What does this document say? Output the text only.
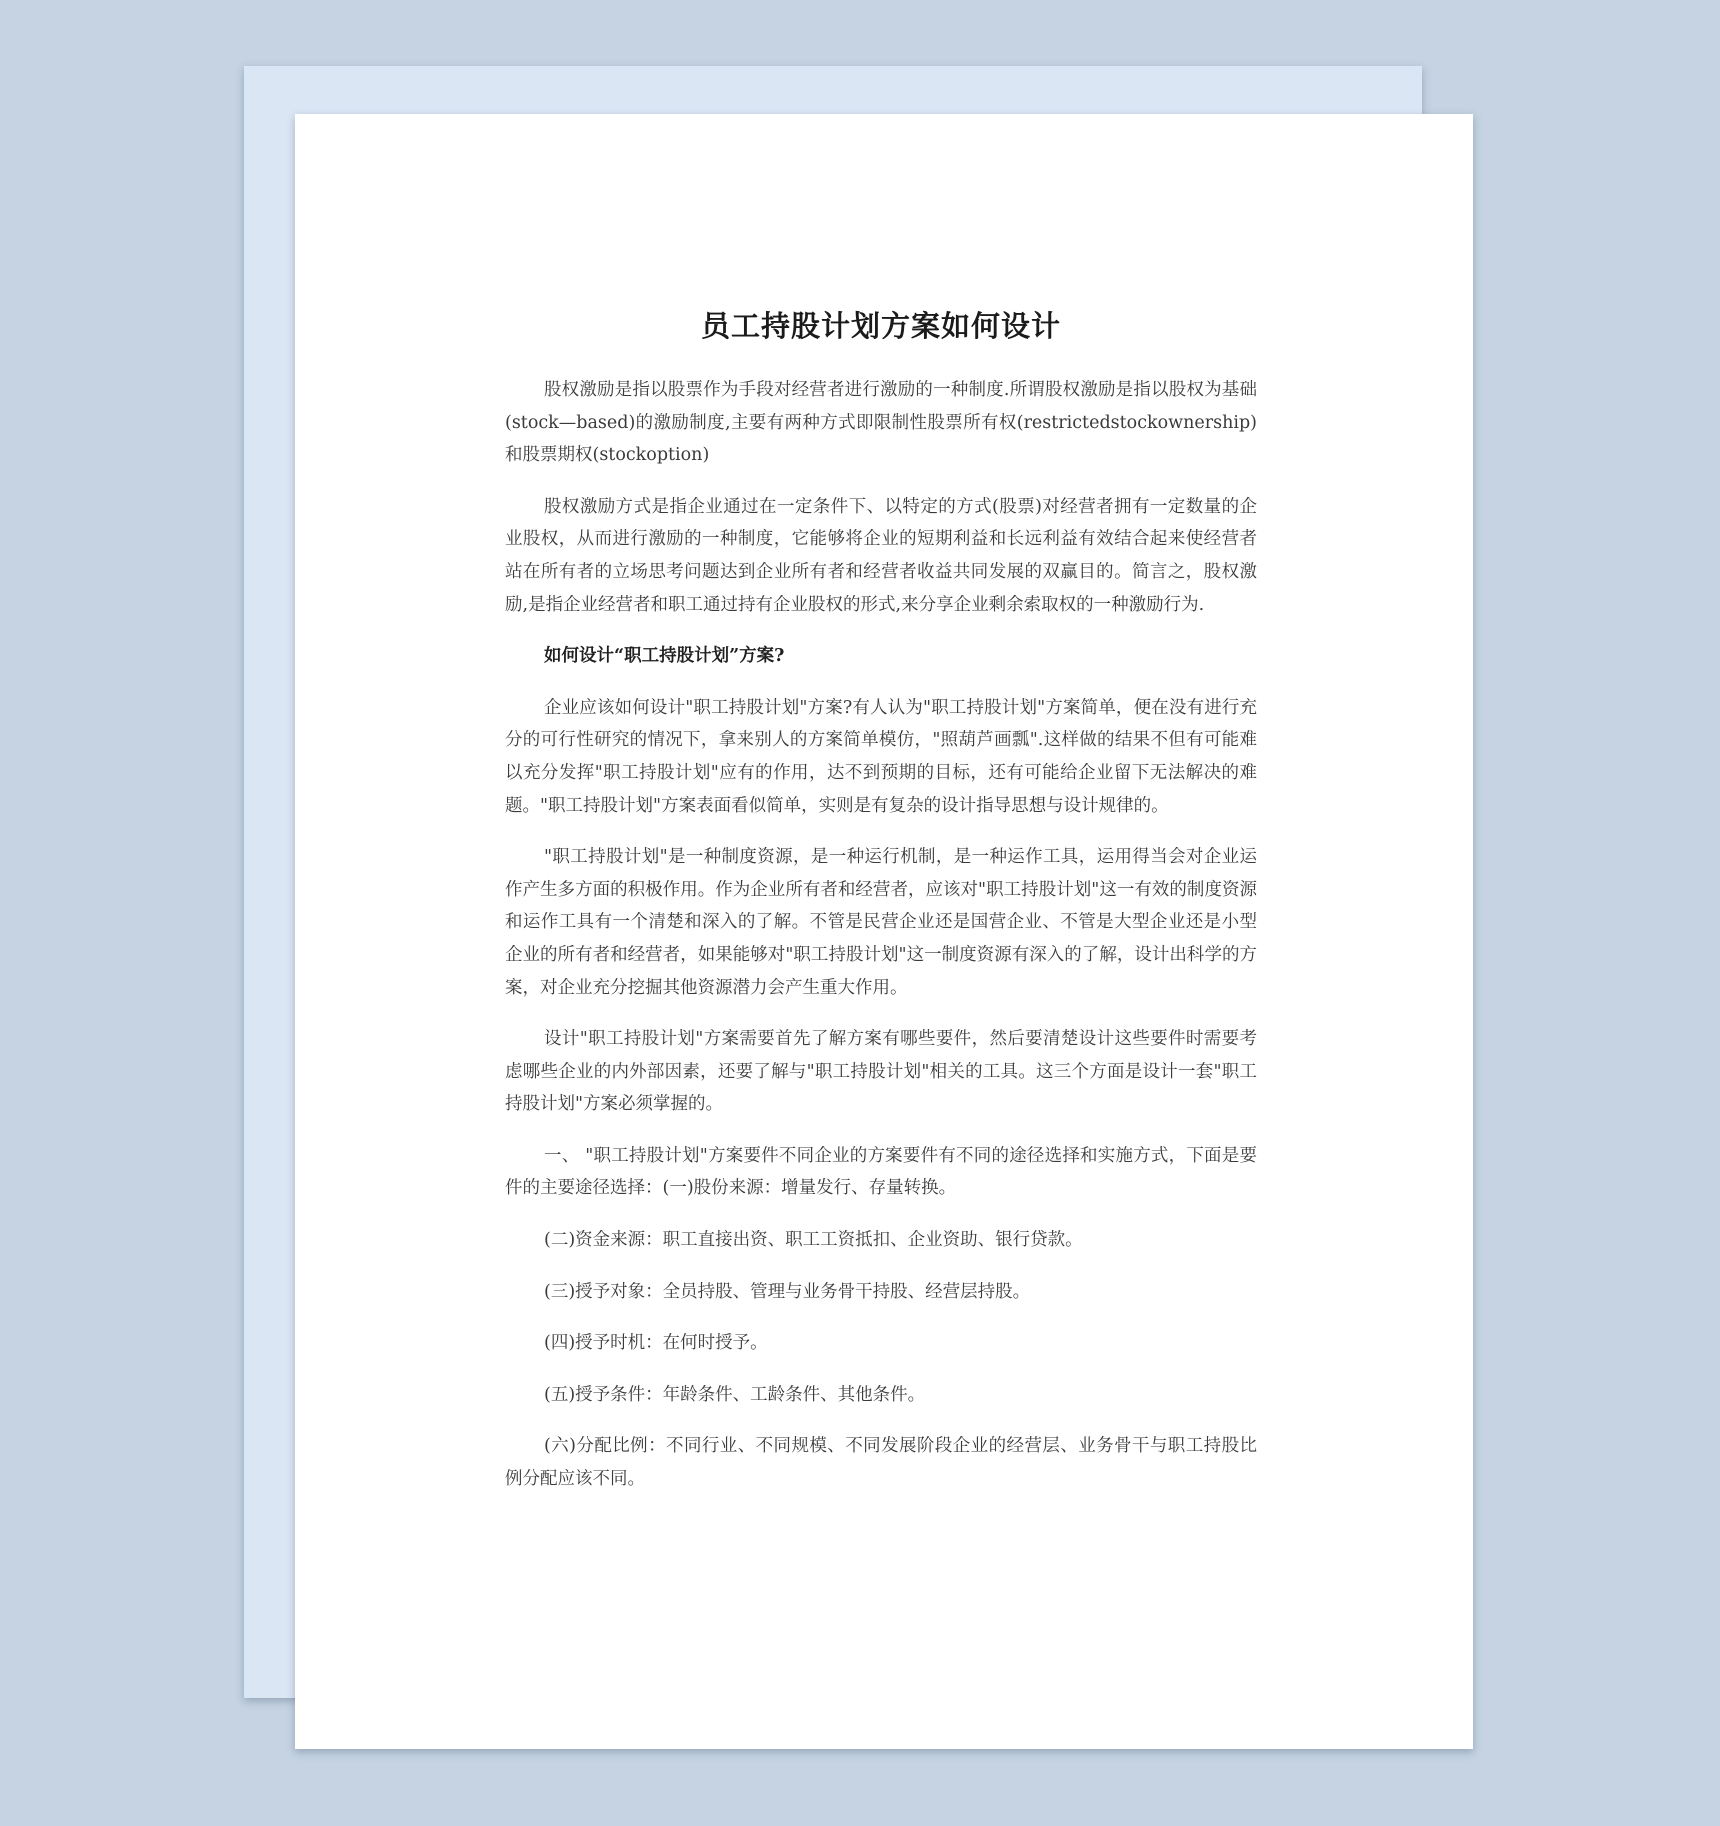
员工持股计划方案如何设计

股权激励是指以股票作为手段对经营者进行激励的一种制度.所谓股权激励是指以股权为基础(stock—based)的激励制度,主要有两种方式即限制性股票所有权(restrictedstockownership) 和股票期权(stockoption)

股权激励方式是指企业通过在一定条件下、以特定的方式(股票)对经营者拥有一定数量的企业股权，从而进行激励的一种制度，它能够将企业的短期利益和长远利益有效结合起来使经营者站在所有者的立场思考问题达到企业所有者和经营者收益共同发展的双赢目的。简言之，股权激励,是指企业经营者和职工通过持有企业股权的形式,来分享企业剩余索取权的一种激励行为.

如何设计“职工持股计划”方案?

企业应该如何设计"职工持股计划"方案?有人认为"职工持股计划"方案简单，便在没有进行充分的可行性研究的情况下，拿来别人的方案简单模仿，"照葫芦画瓢".这样做的结果不但有可能难以充分发挥"职工持股计划"应有的作用，达不到预期的目标，还有可能给企业留下无法解决的难题。"职工持股计划"方案表面看似简单，实则是有复杂的设计指导思想与设计规律的。

"职工持股计划"是一种制度资源，是一种运行机制，是一种运作工具，运用得当会对企业运作产生多方面的积极作用。作为企业所有者和经营者，应该对"职工持股计划"这一有效的制度资源和运作工具有一个清楚和深入的了解。不管是民营企业还是国营企业、不管是大型企业还是小型企业的所有者和经营者，如果能够对"职工持股计划"这一制度资源有深入的了解，设计出科学的方案，对企业充分挖掘其他资源潜力会产生重大作用。

设计"职工持股计划"方案需要首先了解方案有哪些要件，然后要清楚设计这些要件时需要考虑哪些企业的内外部因素，还要了解与"职工持股计划"相关的工具。这三个方面是设计一套"职工持股计划"方案必须掌握的。

一、 "职工持股计划"方案要件不同企业的方案要件有不同的途径选择和实施方式，下面是要件的主要途径选择：(一)股份来源：增量发行、存量转换。

(二)资金来源：职工直接出资、职工工资抵扣、企业资助、银行贷款。

(三)授予对象：全员持股、管理与业务骨干持股、经营层持股。

(四)授予时机：在何时授予。

(五)授予条件：年龄条件、工龄条件、其他条件。

(六)分配比例：不同行业、不同规模、不同发展阶段企业的经营层、业务骨干与职工持股比例分配应该不同。
